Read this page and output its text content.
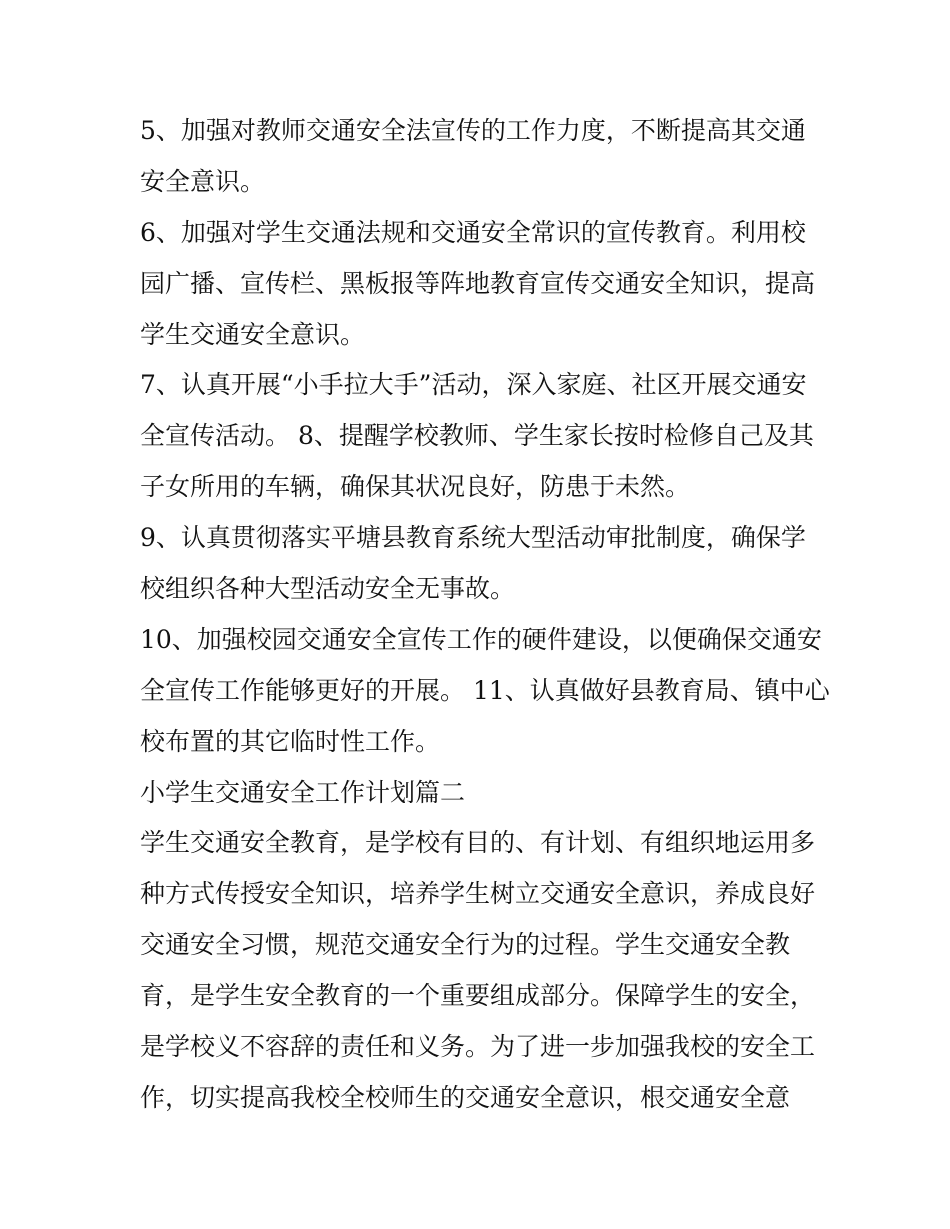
5、加强对教师交通安全法宣传的工作力度，不断提高其交通
安全意识。
6、加强对学生交通法规和交通安全常识的宣传教育。利用校
园广播、宣传栏、黑板报等阵地教育宣传交通安全知识，提高
学生交通安全意识。
7、认真开展“小手拉大手”活动，深入家庭、社区开展交通安
全宣传活动。 8、提醒学校教师、学生家长按时检修自己及其
子女所用的车辆，确保其状况良好，防患于未然。
9、认真贯彻落实平塘县教育系统大型活动审批制度，确保学
校组织各种大型活动安全无事故。
10、加强校园交通安全宣传工作的硬件建设，以便确保交通安
全宣传工作能够更好的开展。 11、认真做好县教育局、镇中心
校布置的其它临时性工作。
小学生交通安全工作计划篇二
学生交通安全教育，是学校有目的、有计划、有组织地运用多
种方式传授安全知识，培养学生树立交通安全意识，养成良好
交通安全习惯，规范交通安全行为的过程。学生交通安全教
育，是学生安全教育的一个重要组成部分。保障学生的安全，
是学校义不容辞的责任和义务。为了进一步加强我校的安全工
作，切实提高我校全校师生的交通安全意识，根交通安全意
